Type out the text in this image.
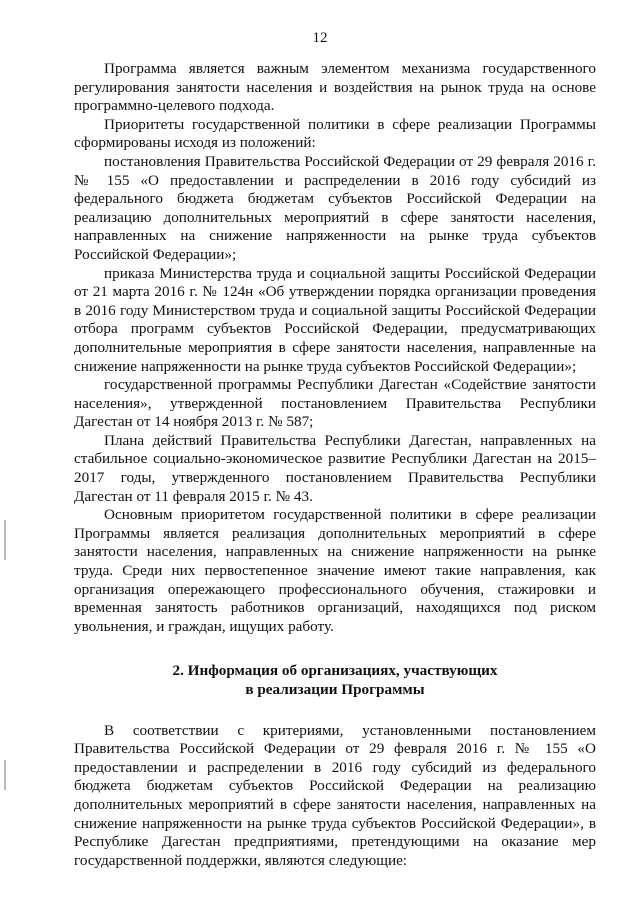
12

Программа является важным элементом механизма государственного регулирования занятости населения и воздействия на рынок труда на основе программно-целевого подхода.

Приоритеты государственной политики в сфере реализации Программы сформированы исходя из положений:

постановления Правительства Российской Федерации от 29 февраля 2016 г. № 155 «О предоставлении и распределении в 2016 году субсидий из федерального бюджета бюджетам субъектов Российской Федерации на реализацию дополнительных мероприятий в сфере занятости населения, направленных на снижение напряженности на рынке труда субъектов Российской Федерации»;

приказа Министерства труда и социальной защиты Российской Федерации от 21 марта 2016 г. № 124н «Об утверждении порядка организации проведения в 2016 году Министерством труда и социальной защиты Российской Федерации отбора программ субъектов Российской Федерации, предусматривающих дополнительные мероприятия в сфере занятости населения, направленные на снижение напряженности на рынке труда субъектов Российской Федерации»;

государственной программы Республики Дагестан «Содействие занятости населения», утвержденной постановлением Правительства Республики Дагестан от 14 ноября 2013 г. № 587;

Плана действий Правительства Республики Дагестан, направленных на стабильное социально-экономическое развитие Республики Дагестан на 2015–2017 годы, утвержденного постановлением Правительства Республики Дагестан от 11 февраля 2015 г. № 43.

Основным приоритетом государственной политики в сфере реализации Программы является реализация дополнительных мероприятий в сфере занятости населения, направленных на снижение напряженности на рынке труда. Среди них первостепенное значение имеют такие направления, как организация опережающего профессионального обучения, стажировки и временная занятость работников организаций, находящихся под риском увольнения, и граждан, ищущих работу.

2. Информация об организациях, участвующих
в реализации Программы

В соответствии с критериями, установленными постановлением Правительства Российской Федерации от 29 февраля 2016 г. № 155 «О предоставлении и распределении в 2016 году субсидий из федерального бюджета бюджетам субъектов Российской Федерации на реализацию дополнительных мероприятий в сфере занятости населения, направленных на снижение напряженности на рынке труда субъектов Российской Федерации», в Республике Дагестан предприятиями, претендующими на оказание мер государственной поддержки, являются следующие:
